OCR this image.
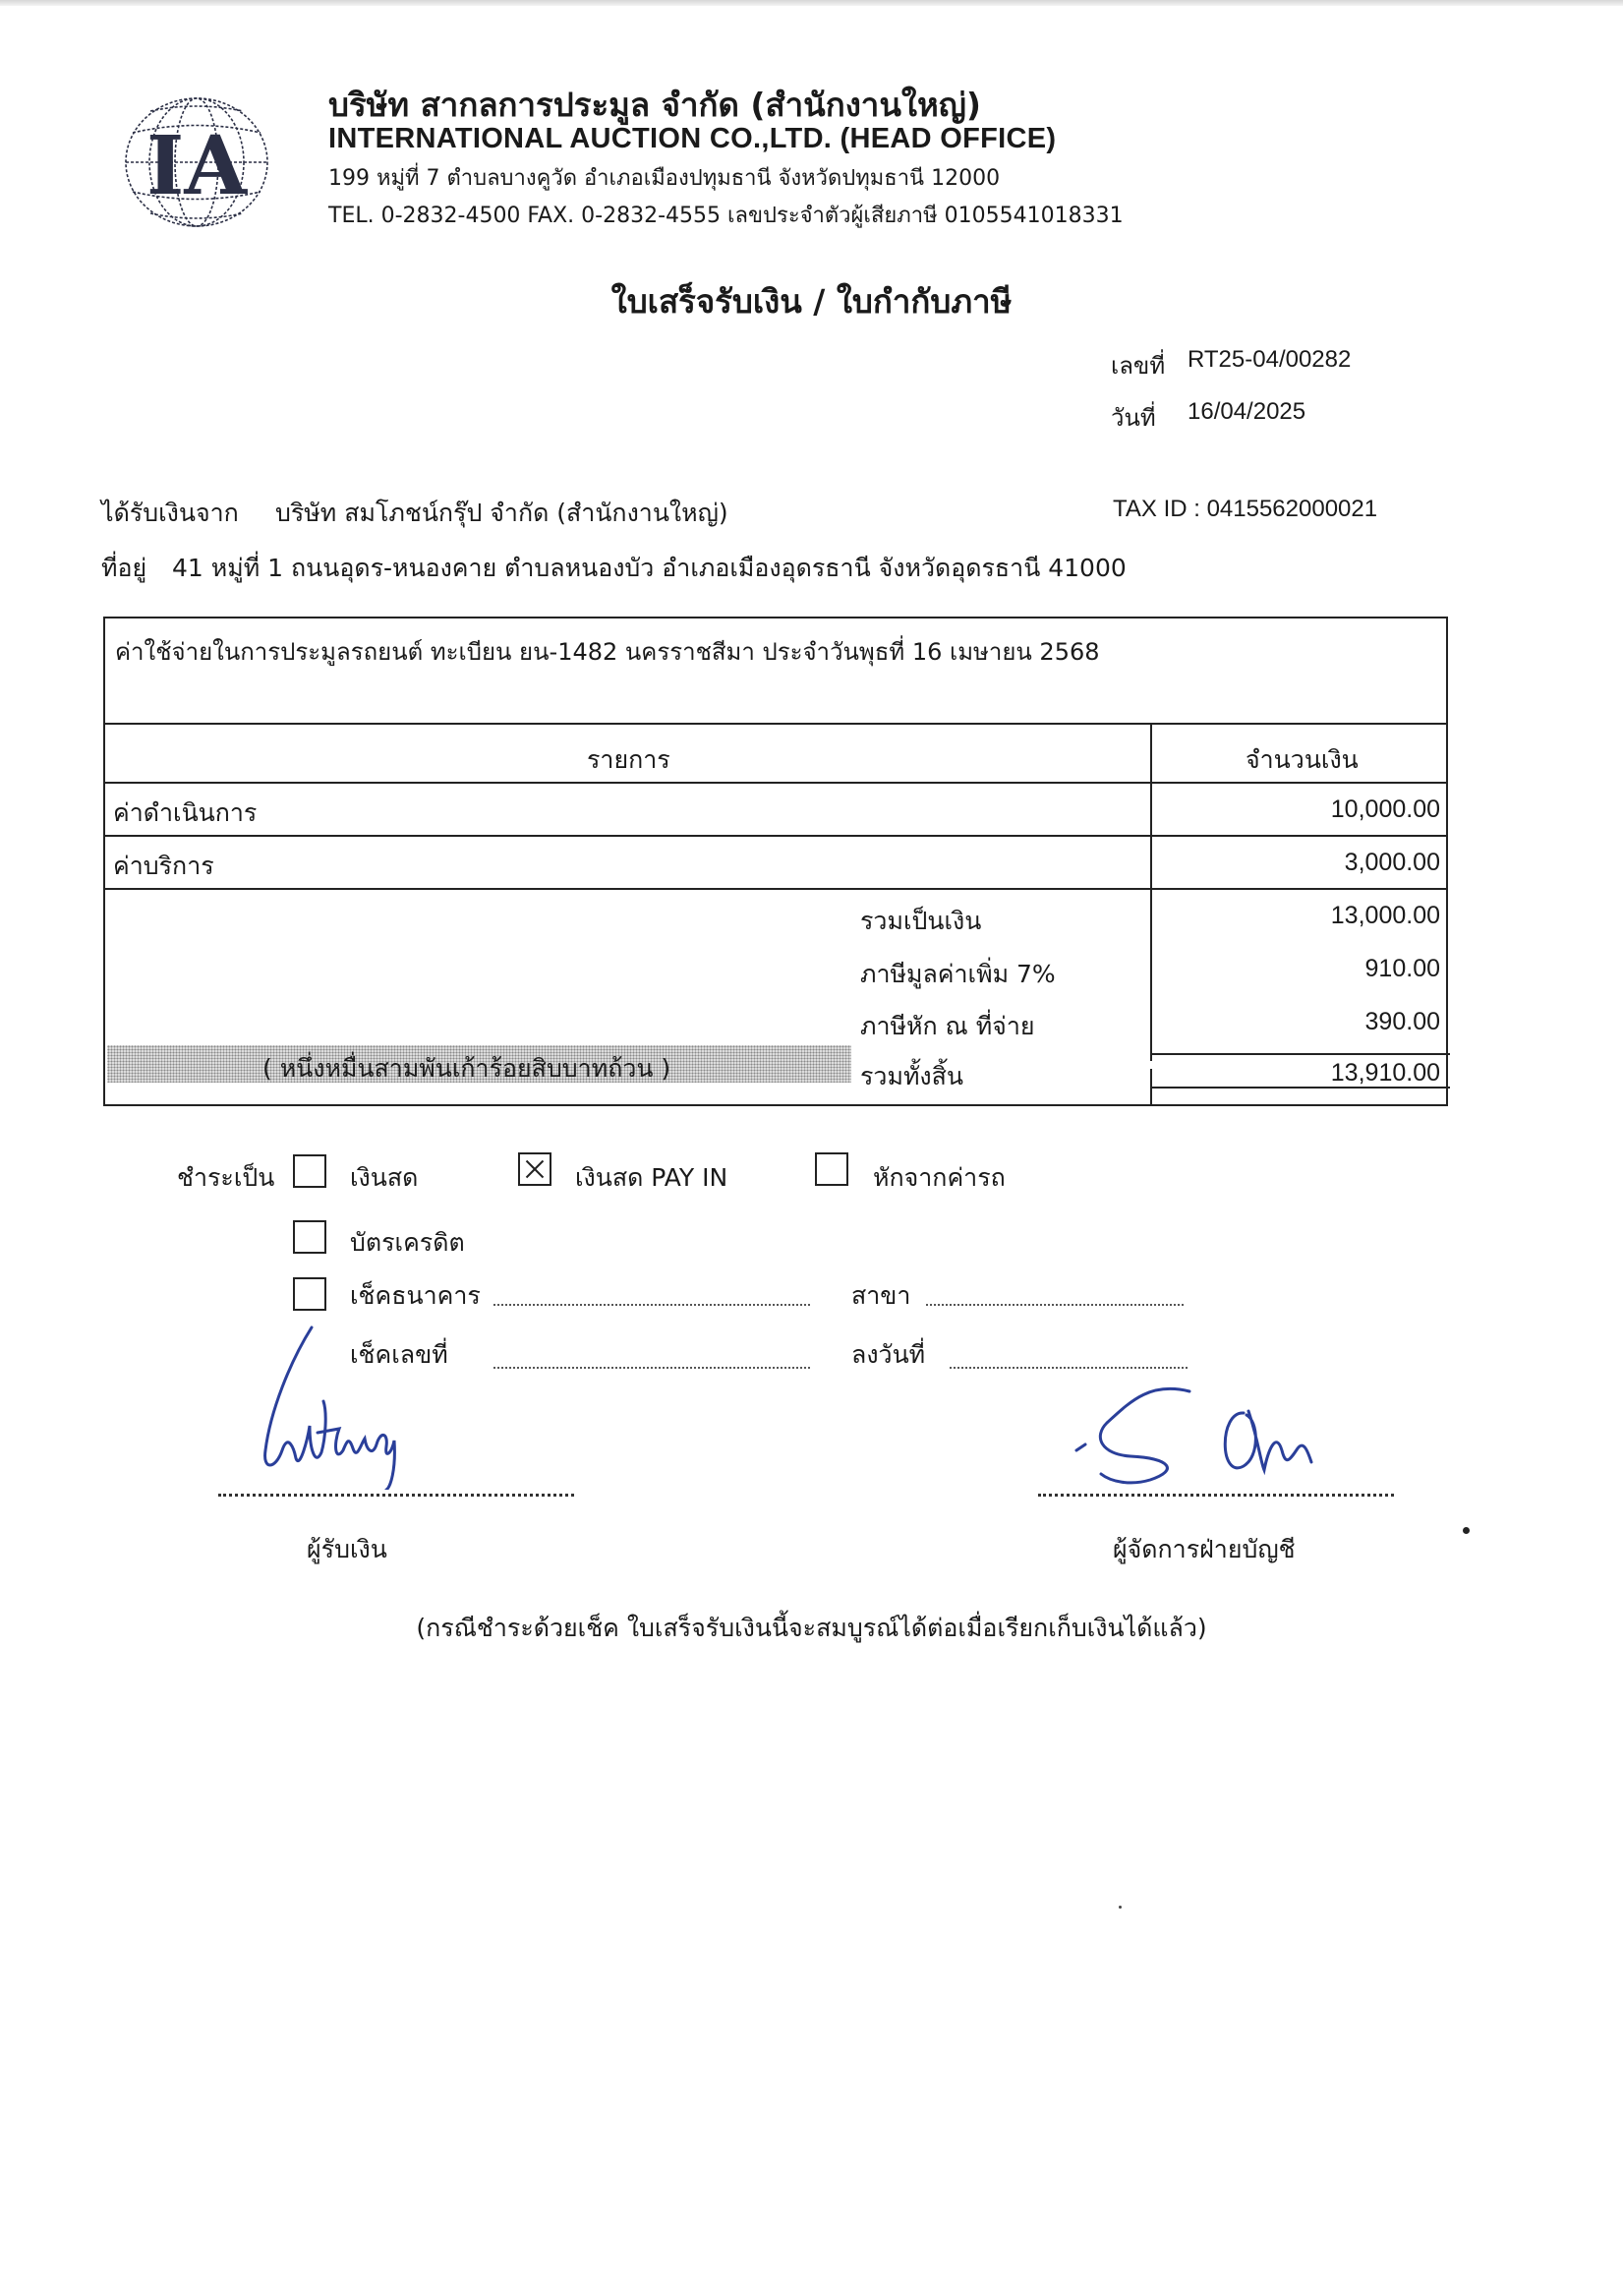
IA
บริษัท สากลการประมูล จำกัด (สำนักงานใหญ่)
INTERNATIONAL AUCTION CO.,LTD. (HEAD OFFICE)
199 หมู่ที่ 7 ตำบลบางคูวัด อำเภอเมืองปทุมธานี จังหวัดปทุมธานี 12000
TEL. 0-2832-4500 FAX. 0-2832-4555 เลขประจำตัวผู้เสียภาษี 0105541018331
ใบเสร็จรับเงิน / ใบกำกับภาษี
เลขที่ RT25-04/00282
วันที่ 16/04/2025
ได้รับเงินจาก บริษัท สมโภชน์กรุ๊ป จำกัด (สำนักงานใหญ่)	TAX ID : 0415562000021
ที่อยู่ 41 หมู่ที่ 1 ถนนอุดร-หนองคาย ตำบลหนองบัว อำเภอเมืองอุดรธานี จังหวัดอุดรธานี 41000
ค่าใช้จ่ายในการประมูลรถยนต์ ทะเบียน ยน-1482 นครราชสีมา ประจำวันพุธที่ 16 เมษายน 2568
รายการ	จำนวนเงิน
ค่าดำเนินการ	10,000.00
ค่าบริการ	3,000.00
รวมเป็นเงิน	13,000.00
ภาษีมูลค่าเพิ่ม 7%	910.00
ภาษีหัก ณ ที่จ่าย	390.00
( หนึ่งหมื่นสามพันเก้าร้อยสิบบาทถ้วน )	รวมทั้งสิ้น	13,910.00
ชำระเป็น	เงินสด	เงินสด PAY IN	หักจากค่ารถ
บัตรเครดิต
เช็คธนาคาร	สาขา
เช็คเลขที่	ลงวันที่
ผู้รับเงิน	ผู้จัดการฝ่ายบัญชี
(กรณีชำระด้วยเช็ค ใบเสร็จรับเงินนี้จะสมบูรณ์ได้ต่อเมื่อเรียกเก็บเงินได้แล้ว)
